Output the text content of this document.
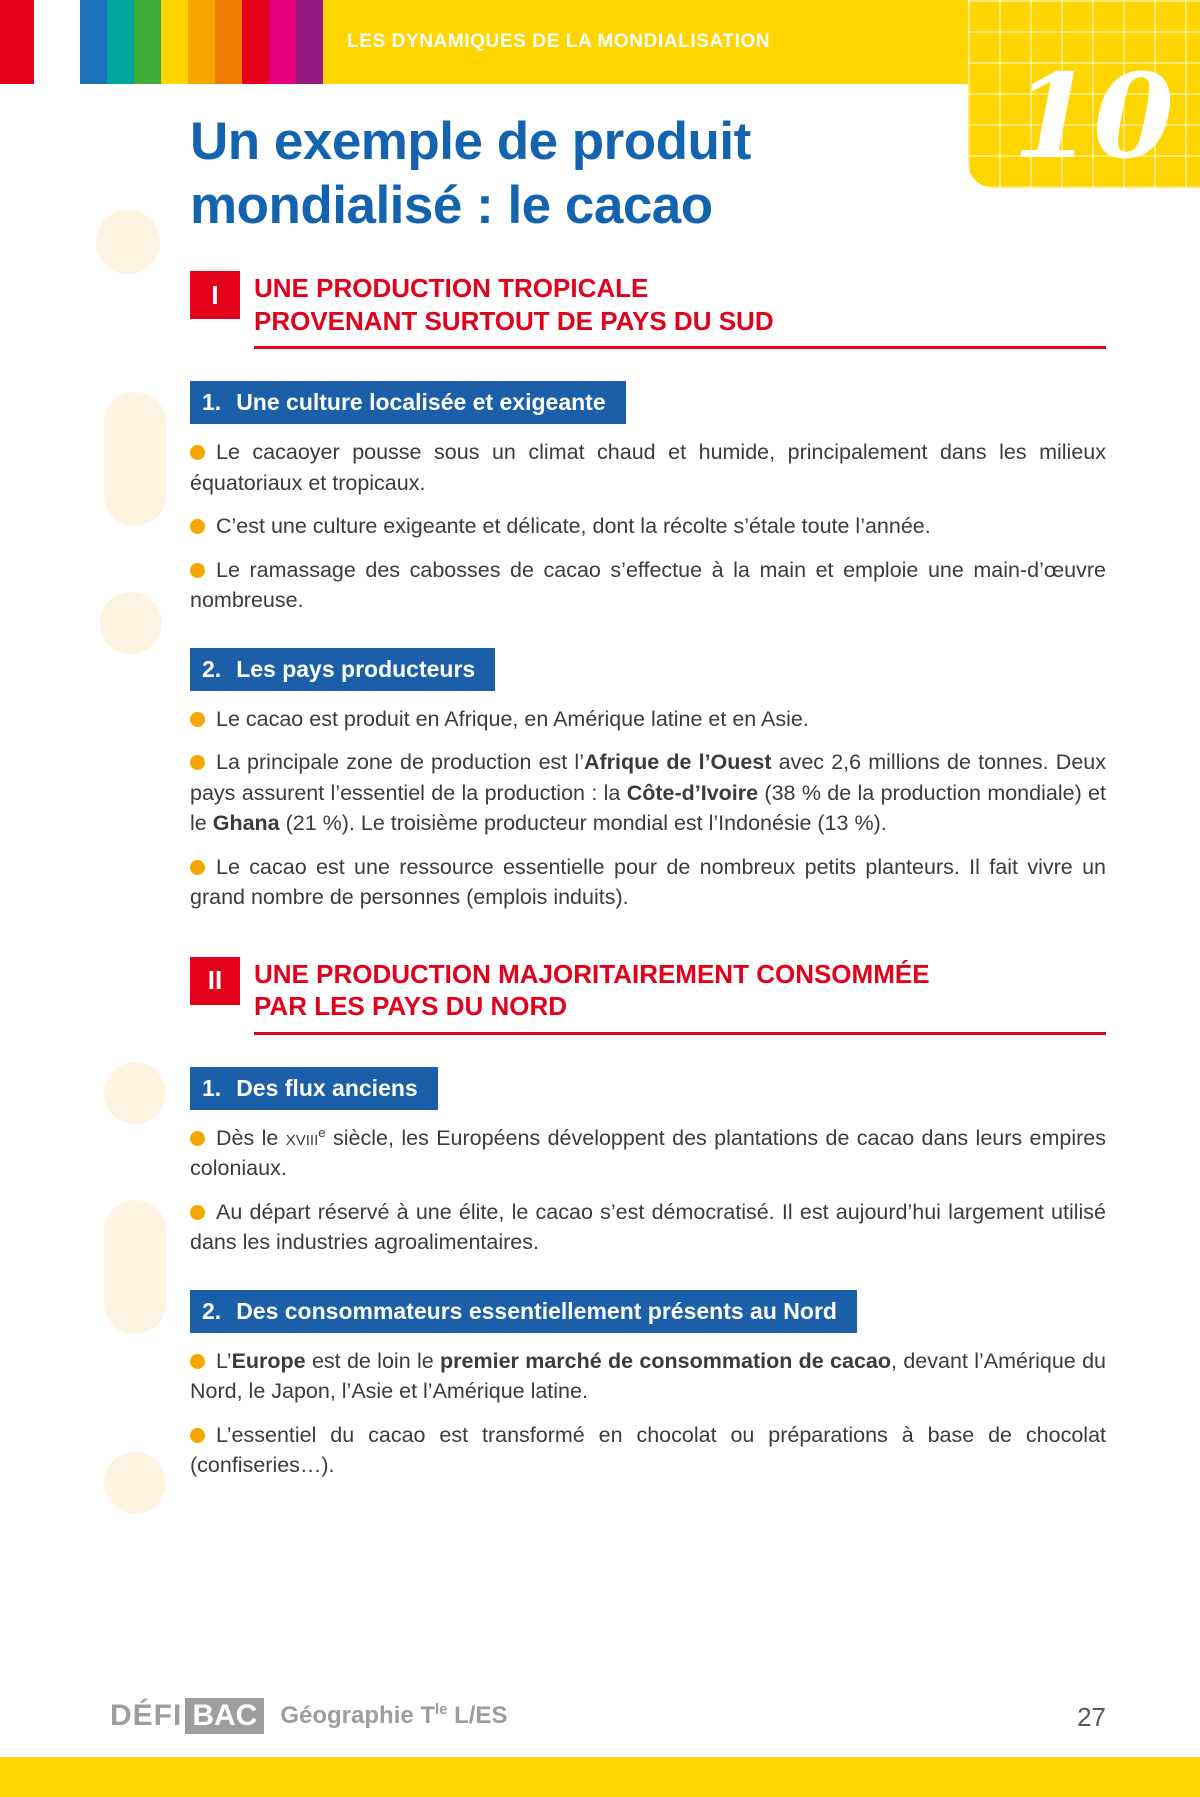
LES DYNAMIQUES DE LA MONDIALISATION
10
Un exemple de produit
mondialisé : le cacao
I	UNE PRODUCTION TROPICALE
PROVENANT SURTOUT DE PAYS DU SUD
1. Une culture localisée et exigeante

Le cacaoyer pousse sous un climat chaud et humide, principalement dans les milieux équatoriaux et tropicaux.

C’est une culture exigeante et délicate, dont la récolte s’étale toute l’année.

Le ramassage des cabosses de cacao s’effectue à la main et emploie une main-d’œuvre nombreuse.

2. Les pays producteurs

Le cacao est produit en Afrique, en Amérique latine et en Asie.

La principale zone de production est l’Afrique de l’Ouest avec 2,6 millions de tonnes. Deux pays assurent l’essentiel de la production : la Côte-d’Ivoire (38 % de la production mondiale) et le Ghana (21 %). Le troisième producteur mondial est l’Indonésie (13 %).

Le cacao est une ressource essentielle pour de nombreux petits planteurs. Il fait vivre un grand nombre de personnes (emplois induits).

II	UNE PRODUCTION MAJORITAIREMENT CONSOMMÉE
PAR LES PAYS DU NORD
1. Des flux anciens

Dès le xviii$^e$ siècle, les Européens développent des plantations de cacao dans leurs empires coloniaux.

Au départ réservé à une élite, le cacao s’est démocratisé. Il est aujourd’hui largement utilisé dans les industries agroalimentaires.

2. Des consommateurs essentiellement présents au Nord

L’Europe est de loin le premier marché de consommation de cacao, devant l’Amérique du Nord, le Japon, l’Asie et l’Amérique latine.

L’essentiel du cacao est transformé en chocolat ou préparations à base de chocolat (confiseries…).

DÉFI BAC Géographie $T^{le}$ L/ES	27
